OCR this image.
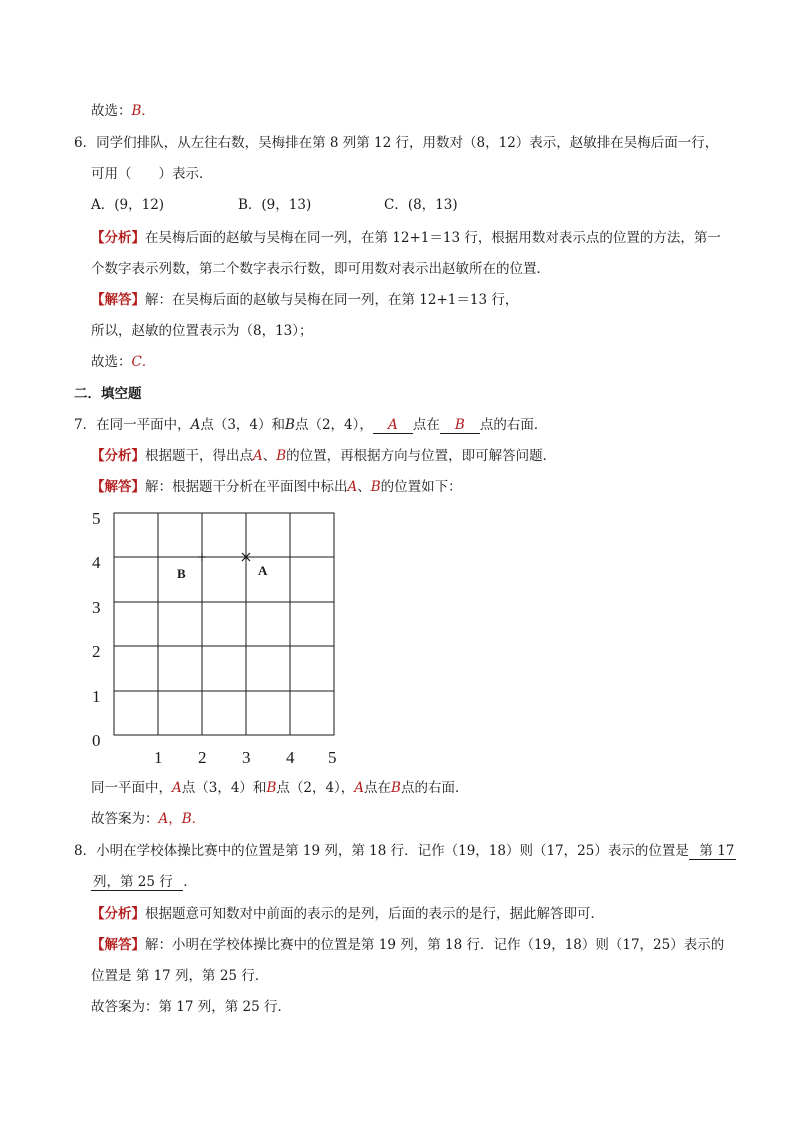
故选：B．
6．同学们排队，从左往右数，吴梅排在第 8 列第 12 行，用数对（8，12）表示，赵敏排在吴梅后面一行，
可用（　　）表示．
A．(9，12)	B．(9，13)	C．(8，13)
【分析】在吴梅后面的赵敏与吴梅在同一列，在第 12+1＝13 行，根据用数对表示点的位置的方法，第一
个数字表示列数，第二个数字表示行数，即可用数对表示出赵敏所在的位置．
【解答】解：在吴梅后面的赵敏与吴梅在同一列，在第 12+1＝13 行，
所以，赵敏的位置表示为（8，13）；
故选：C．
二．填空题
7．在同一平面中，A点（3，4）和B点（2，4）， A 点在 B 点的右面．
【分析】根据题干，得出点A、B的位置，再根据方向与位置，即可解答问题．
【解答】解：根据题干分析在平面图中标出A、B的位置如下：
5
4
3
2
1
0
1 2 3 4 5
B	A
同一平面中，A点（3，4）和B点（2，4），A点在B点的右面．
故答案为：A，B．
8．小明在学校体操比赛中的位置是第 19 列，第 18 行．记作（19，18）则（17，25）表示的位置是  第 17
列，第 25 行  ．
【分析】根据题意可知数对中前面的表示的是列，后面的表示的是行，据此解答即可．
【解答】解：小明在学校体操比赛中的位置是第 19 列，第 18 行．记作（19，18）则（17，25）表示的
位置是 第 17 列，第 25 行．
故答案为：第 17 列，第 25 行．
